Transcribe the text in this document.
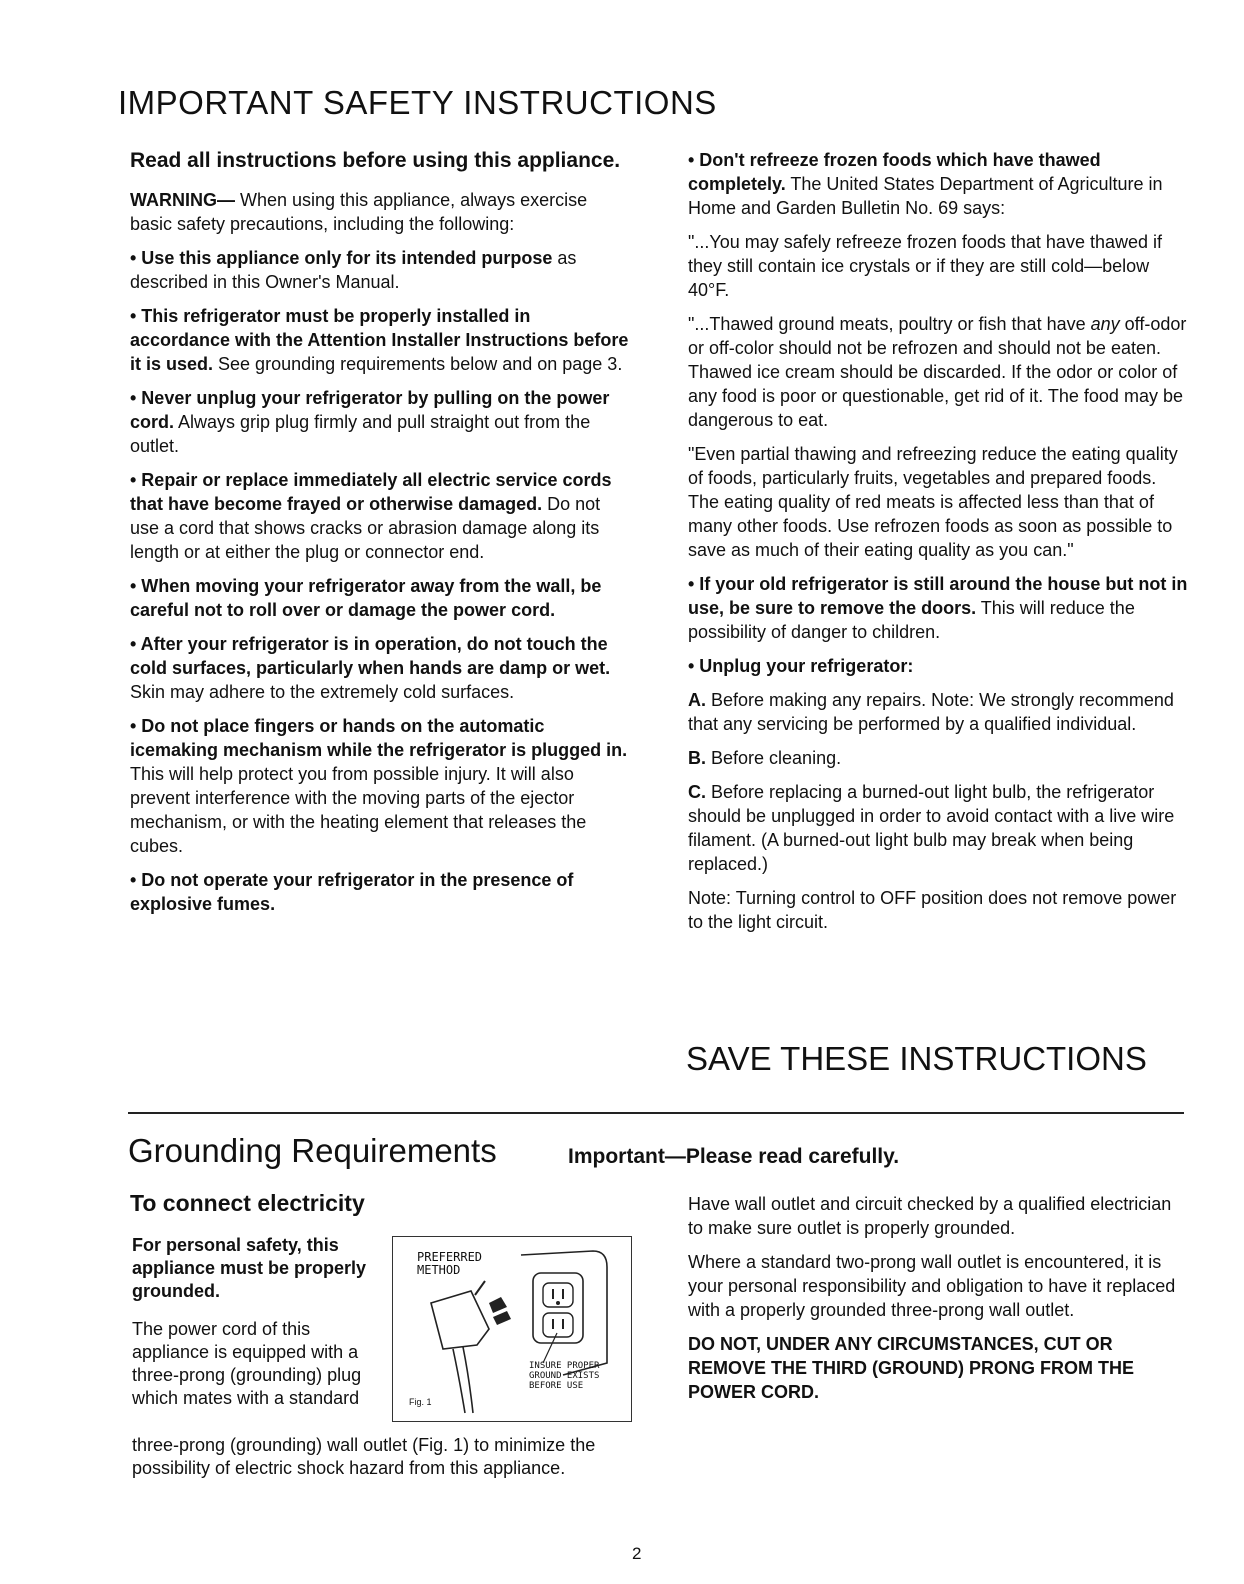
IMPORTANT SAFETY INSTRUCTIONS

Read all instructions before using this appliance.

WARNING— When using this appliance, always exercise basic safety precautions, including the following:

• Use this appliance only for its intended purpose as described in this Owner's Manual.

• This refrigerator must be properly installed in accordance with the Attention Installer Instructions before it is used. See grounding requirements below and on page 3.

• Never unplug your refrigerator by pulling on the power cord. Always grip plug firmly and pull straight out from the outlet.

• Repair or replace immediately all electric service cords that have become frayed or otherwise damaged. Do not use a cord that shows cracks or abrasion damage along its length or at either the plug or connector end.

• When moving your refrigerator away from the wall, be careful not to roll over or damage the power cord.

• After your refrigerator is in operation, do not touch the cold surfaces, particularly when hands are damp or wet. Skin may adhere to the extremely cold surfaces.

• Do not place fingers or hands on the automatic icemaking mechanism while the refrigerator is plugged in. This will help protect you from possible injury. It will also prevent interference with the moving parts of the ejector mechanism, or with the heating element that releases the cubes.

• Do not operate your refrigerator in the presence of explosive fumes.

• Don't refreeze frozen foods which have thawed completely. The United States Department of Agriculture in Home and Garden Bulletin No. 69 says:

"...You may safely refreeze frozen foods that have thawed if they still contain ice crystals or if they are still cold—below 40°F.

"...Thawed ground meats, poultry or fish that have any off-odor or off-color should not be refrozen and should not be eaten. Thawed ice cream should be discarded. If the odor or color of any food is poor or questionable, get rid of it. The food may be dangerous to eat.

"Even partial thawing and refreezing reduce the eating quality of foods, particularly fruits, vegetables and prepared foods. The eating quality of red meats is affected less than that of many other foods. Use refrozen foods as soon as possible to save as much of their eating quality as you can."

• If your old refrigerator is still around the house but not in use, be sure to remove the doors. This will reduce the possibility of danger to children.

• Unplug your refrigerator:

A. Before making any repairs. Note: We strongly recommend that any servicing be performed by a qualified individual.

B. Before cleaning.

C. Before replacing a burned-out light bulb, the refrigerator should be unplugged in order to avoid contact with a live wire filament. (A burned-out light bulb may break when being replaced.)

Note: Turning control to OFF position does not remove power to the light circuit.

SAVE THESE INSTRUCTIONS
Grounding Requirements	Important—Please read carefully.
To connect electricity
For personal safety, this appliance must be properly grounded.
The power cord of this appliance is equipped with a three-prong (grounding) plug which mates with a standard
three-prong (grounding) wall outlet (Fig. 1) to minimize the possibility of electric shock hazard from this appliance.
PREFERRED
METHOD
INSURE PROPER
GROUND EXISTS
BEFORE USE
Fig. 1

Have wall outlet and circuit checked by a qualified electrician to make sure outlet is properly grounded.

Where a standard two-prong wall outlet is encountered, it is your personal responsibility and obligation to have it replaced with a properly grounded three-prong wall outlet.

DO NOT, UNDER ANY CIRCUMSTANCES, CUT OR REMOVE THE THIRD (GROUND) PRONG FROM THE POWER CORD.

2
